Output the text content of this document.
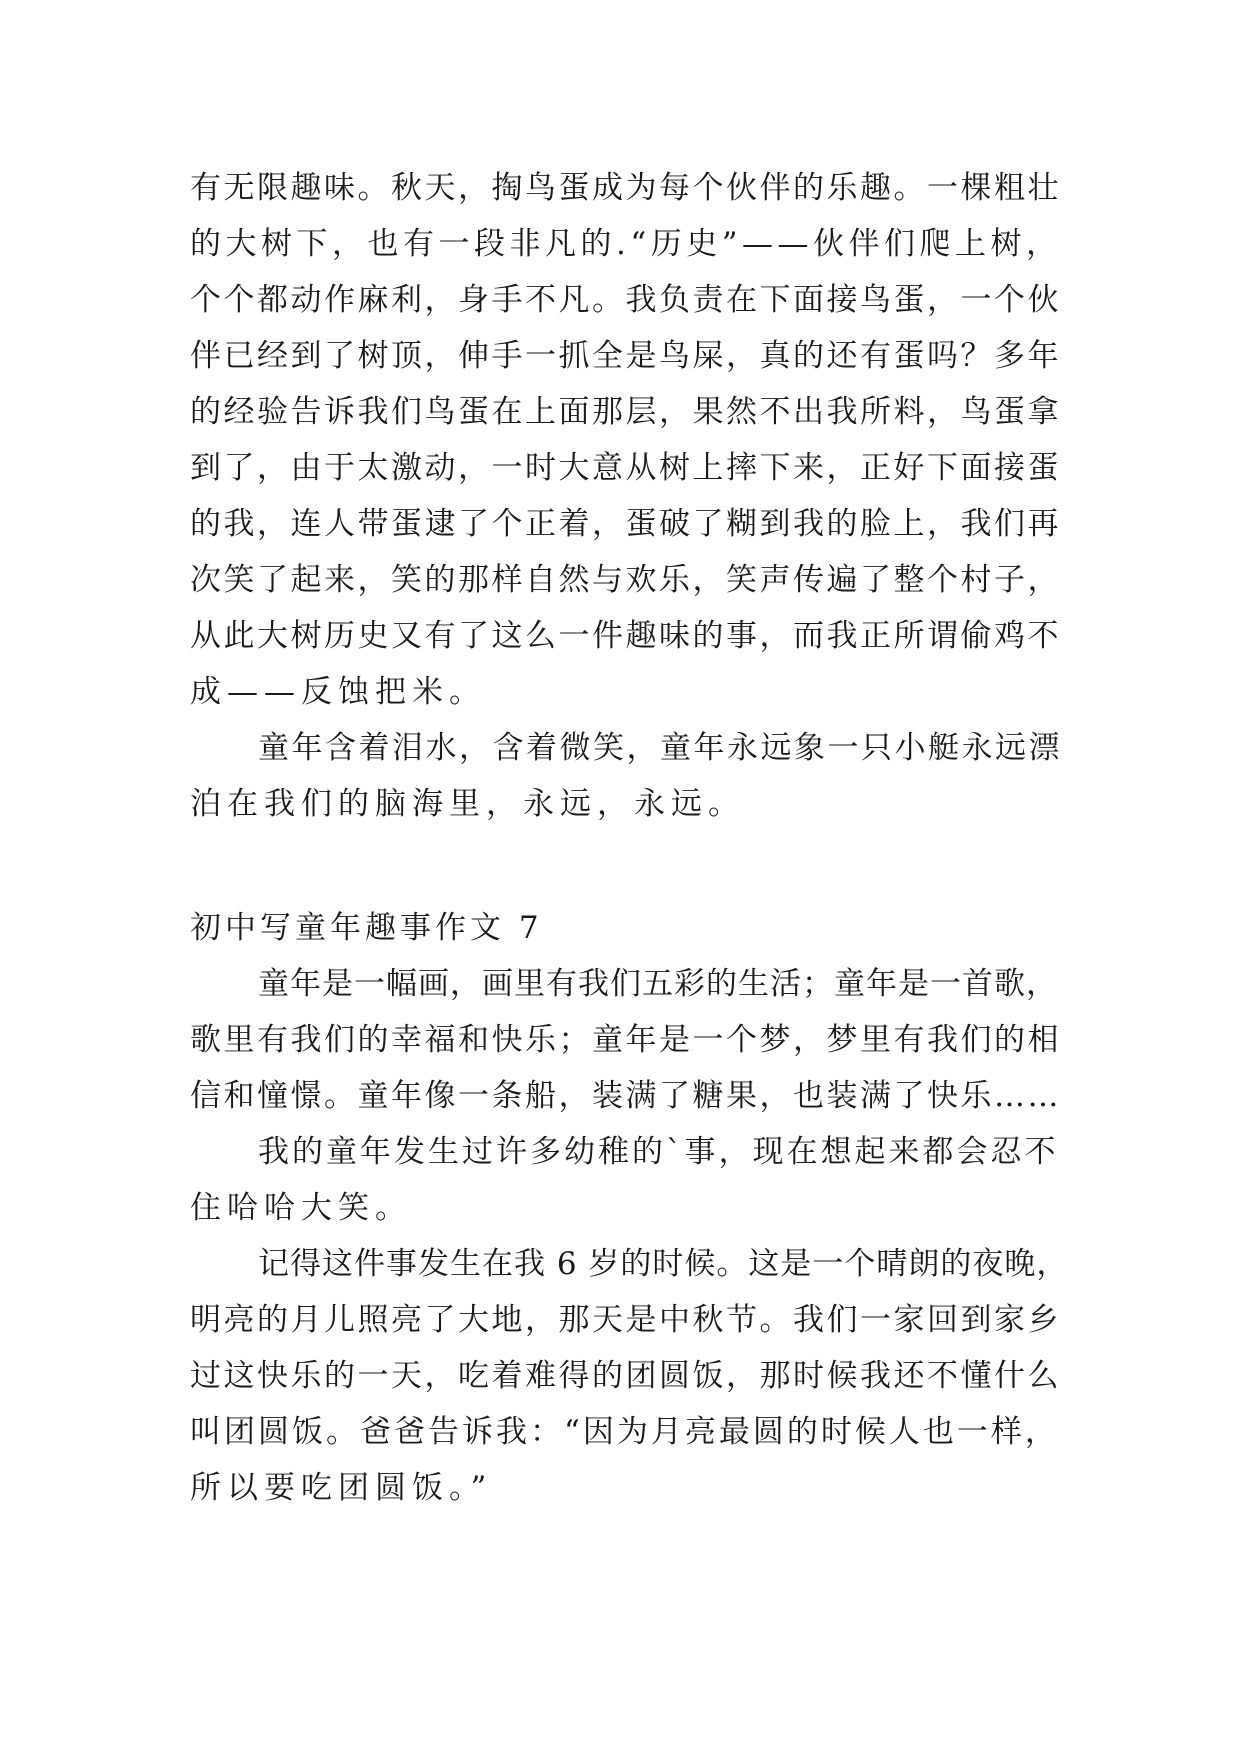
有无限趣味。秋天，掏鸟蛋成为每个伙伴的乐趣。一棵粗壮
的大树下，也有一段非凡的.“历史”——伙伴们爬上树，
个个都动作麻利，身手不凡。我负责在下面接鸟蛋，一个伙
伴已经到了树顶，伸手一抓全是鸟屎，真的还有蛋吗？多年
的经验告诉我们鸟蛋在上面那层，果然不出我所料，鸟蛋拿
到了，由于太激动，一时大意从树上摔下来，正好下面接蛋
的我，连人带蛋逮了个正着，蛋破了糊到我的脸上，我们再
次笑了起来，笑的那样自然与欢乐，笑声传遍了整个村子，
从此大树历史又有了这么一件趣味的事，而我正所谓偷鸡不
成——反蚀把米。
童年含着泪水，含着微笑，童年永远象一只小艇永远漂
泊在我们的脑海里，永远，永远。
初中写童年趣事作文 7
童年是一幅画，画里有我们五彩的生活；童年是一首歌，
歌里有我们的幸福和快乐；童年是一个梦，梦里有我们的相
信和憧憬。童年像一条船，装满了糖果，也装满了快乐……
我的童年发生过许多幼稚的`事，现在想起来都会忍不
住哈哈大笑。
记得这件事发生在我 6 岁的时候。这是一个晴朗的夜晚，
明亮的月儿照亮了大地，那天是中秋节。我们一家回到家乡
过这快乐的一天，吃着难得的团圆饭，那时候我还不懂什么
叫团圆饭。爸爸告诉我：“因为月亮最圆的时候人也一样，
所以要吃团圆饭。”
